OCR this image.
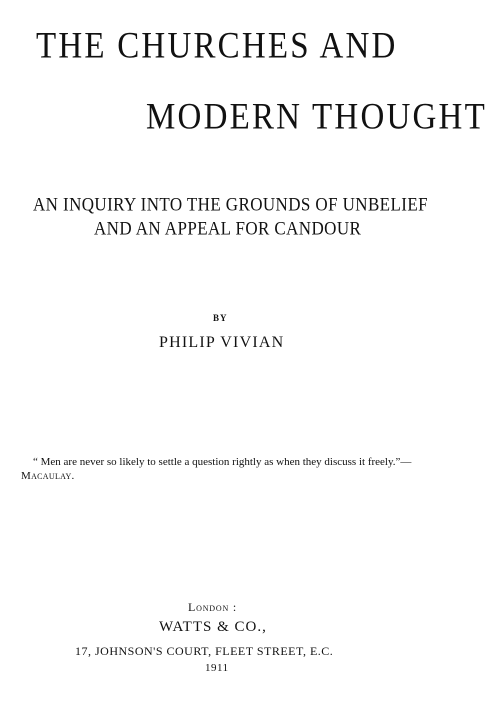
THE CHURCHES AND
MODERN THOUGHT
AN INQUIRY INTO THE GROUNDS OF UNBELIEF
AND AN APPEAL FOR CANDOUR
BY
PHILIP VIVIAN

“ Men are never so likely to settle a question rightly as when they discuss it freely.”—Macaulay.

London :
WATTS & CO.,
17, JOHNSON'S COURT, FLEET STREET, E.C.
1911
